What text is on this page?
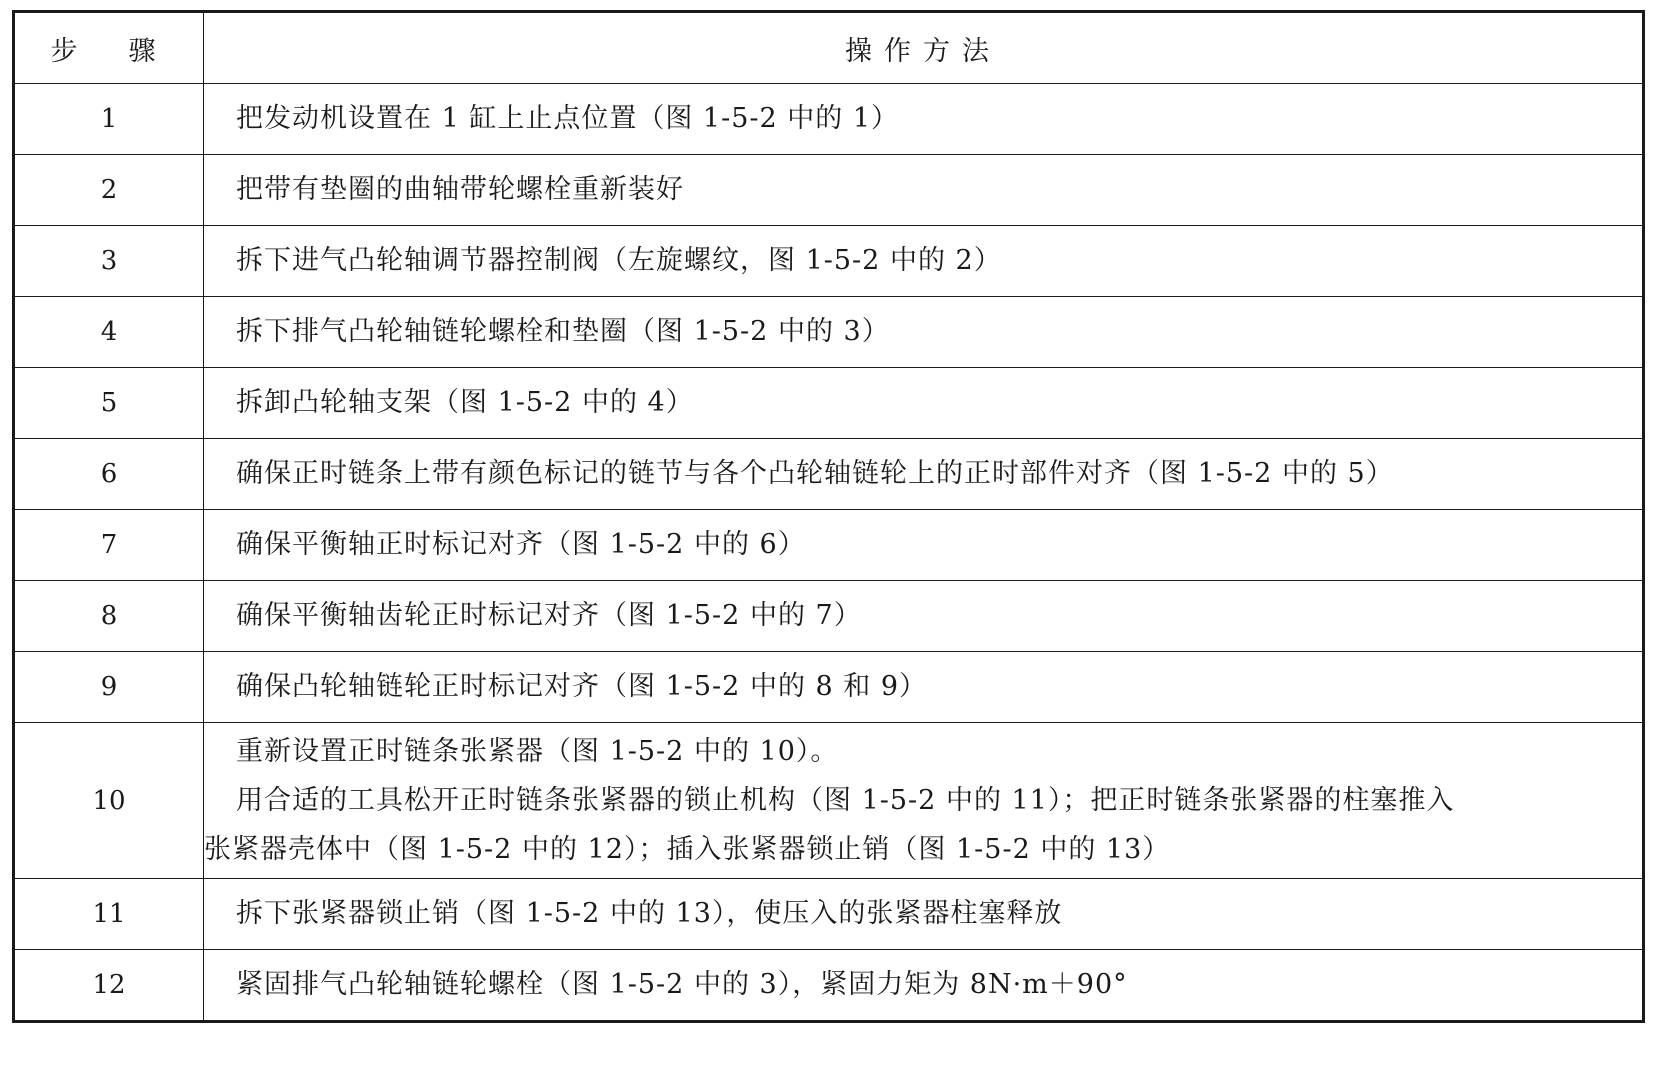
步　骤	操作方法
1	把发动机设置在 1 缸上止点位置（图 1-5-2 中的 1）
2	把带有垫圈的曲轴带轮螺栓重新装好
3	拆下进气凸轮轴调节器控制阀（左旋螺纹，图 1-5-2 中的 2）
4	拆下排气凸轮轴链轮螺栓和垫圈（图 1-5-2 中的 3）
5	拆卸凸轮轴支架（图 1-5-2 中的 4）
6	确保正时链条上带有颜色标记的链节与各个凸轮轴链轮上的正时部件对齐（图 1-5-2 中的 5）
7	确保平衡轴正时标记对齐（图 1-5-2 中的 6）
8	确保平衡轴齿轮正时标记对齐（图 1-5-2 中的 7）
9	确保凸轮轴链轮正时标记对齐（图 1-5-2 中的 8 和 9）
10	重新设置正时链条张紧器（图 1-5-2 中的 10）。

用合适的工具松开正时链条张紧器的锁止机构（图 1-5-2 中的 11）；把正时链条张紧器的柱塞推入

张紧器壳体中（图 1-5-2 中的 12）；插入张紧器锁止销（图 1-5-2 中的 13）

11	拆下张紧器锁止销（图 1-5-2 中的 13），使压入的张紧器柱塞释放
12	紧固排气凸轮轴链轮螺栓（图 1-5-2 中的 3），紧固力矩为 8N·m＋90°
